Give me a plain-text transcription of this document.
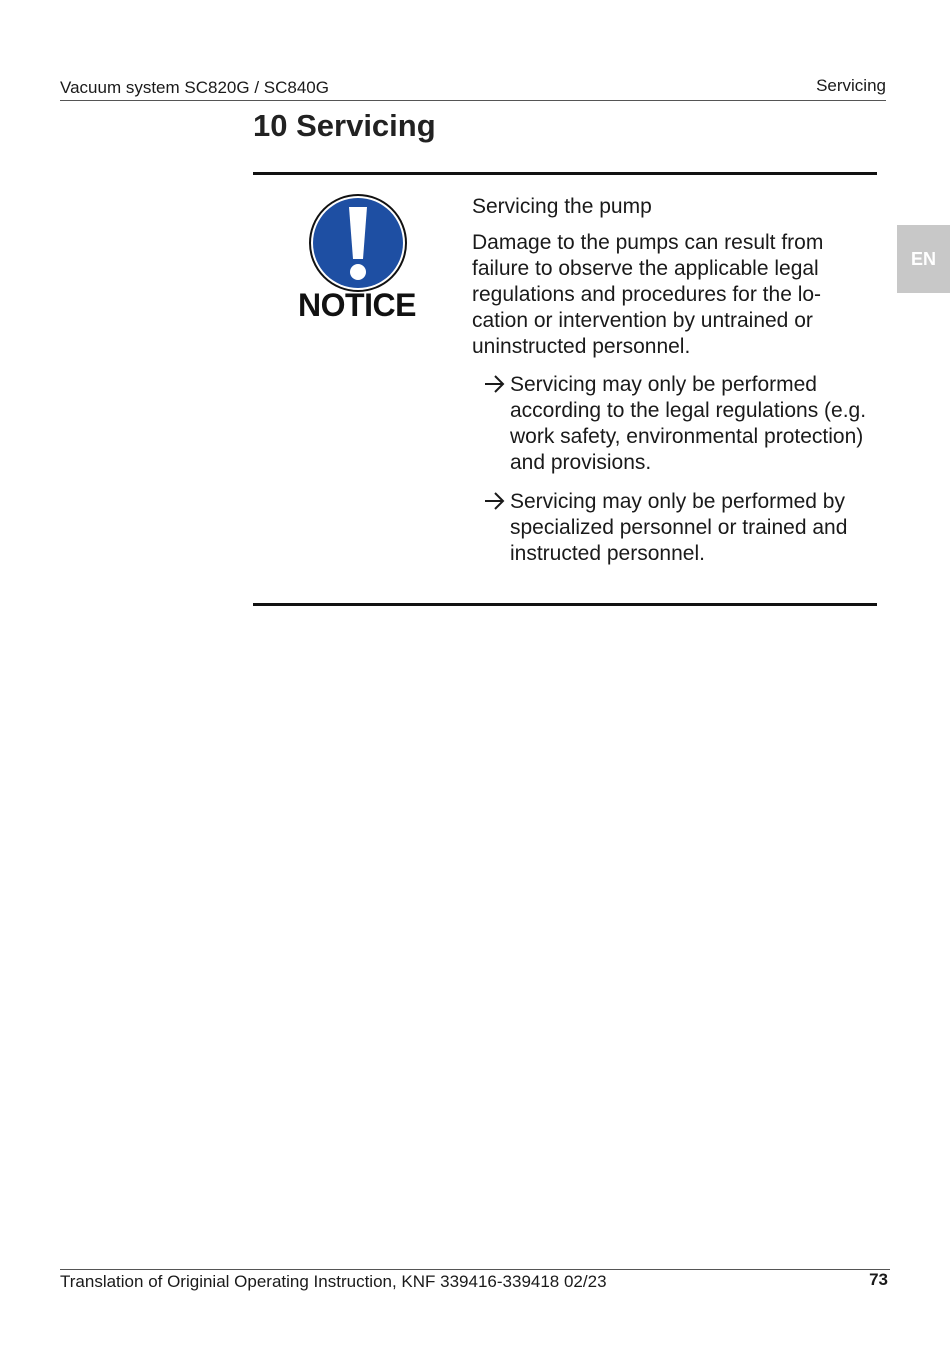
Vacuum system SC820G / SC840G	Servicing
10 Servicing
EN
NOTICE

Servicing the pump

Damage to the pumps can result from failure to observe the applicable legal regulations and procedures for the lo-cation or intervention by untrained or uninstructed personnel.

Servicing may only be performed according to the legal regulations (e.g. work safety, environmental protection) and provisions.
Servicing may only be performed by specialized personnel or trained and instructed personnel.
Translation of Originial Operating Instruction, KNF 339416-339418 02/23	73
